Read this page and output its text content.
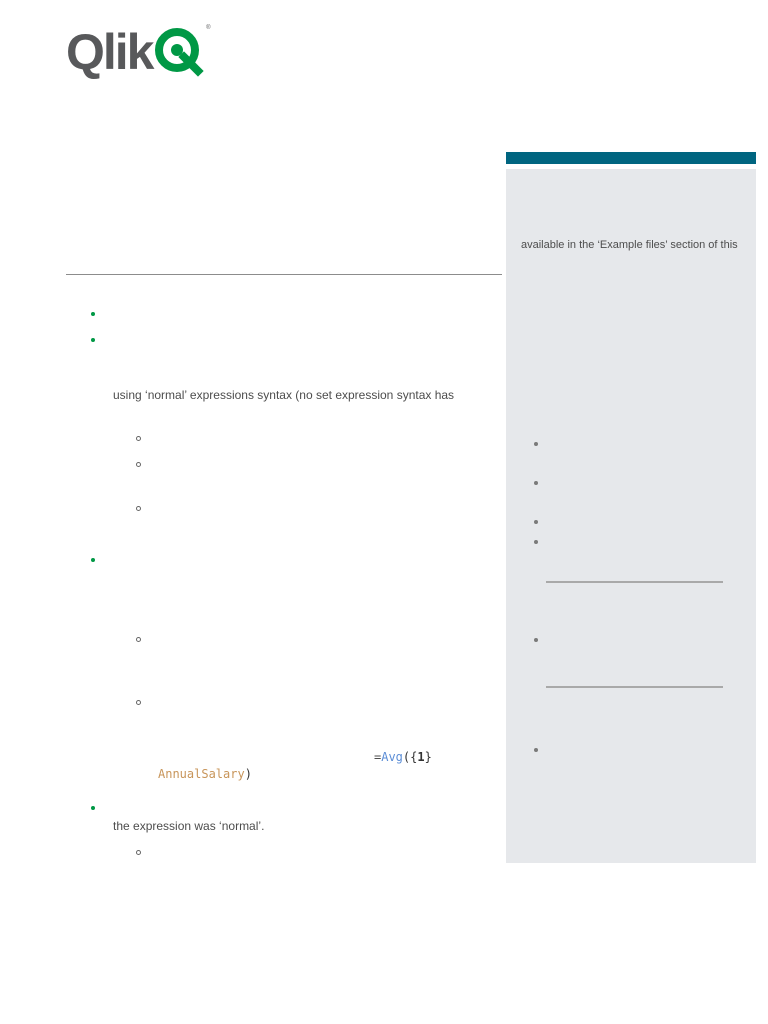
Qlik	®
using ‘normal’ expressions syntax (no set expression syntax has
=Avg({1}
AnnualSalary)
the expression was ‘normal’.
available in the ‘Example files’ section of this
